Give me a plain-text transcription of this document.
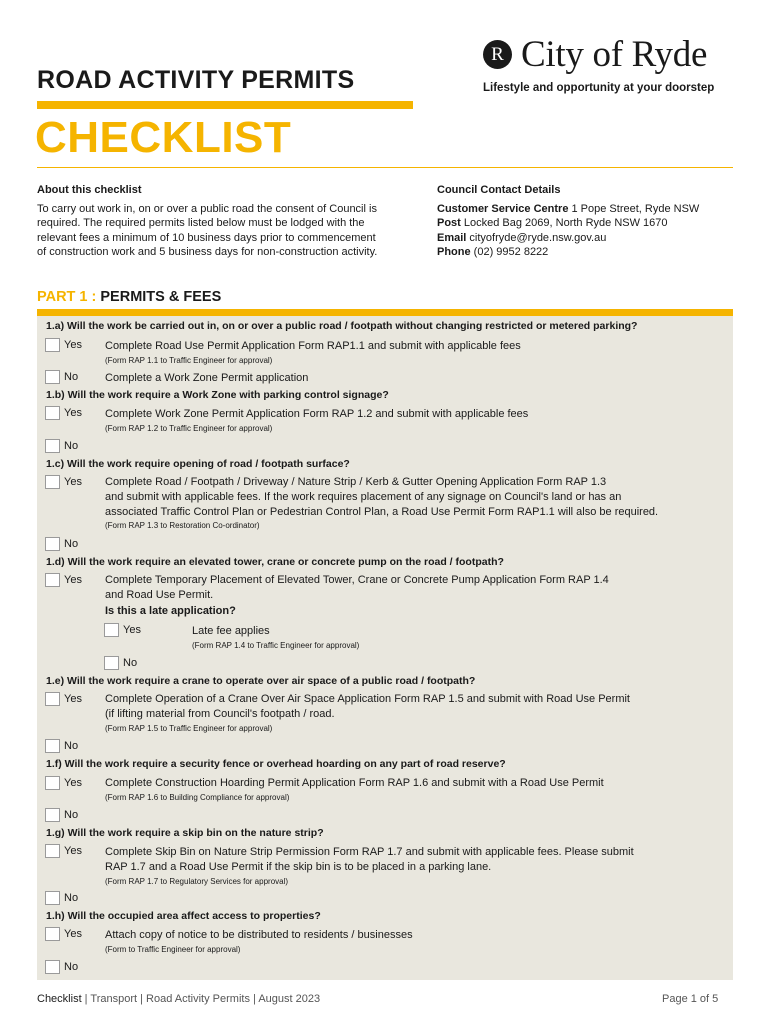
ROAD ACTIVITY PERMITS
R City of Ryde
Lifestyle and opportunity at your doorstep
CHECKLIST
About this checklist

To carry out work in, on or over a public road the consent of Council is required. The required permits listed below must be lodged with the relevant fees a minimum of 10 business days prior to commencement of construction work and 5 business days for non-construction activity.

Council Contact Details
Customer Service Centre 1 Pope Street, Ryde NSW
Post Locked Bag 2069, North Ryde NSW 1670
Email cityofryde@ryde.nsw.gov.au
Phone (02) 9952 8222
PART 1 : PERMITS & FEES
1.a) Will the work be carried out in, on or over a public road / footpath without changing restricted or metered parking?
Yes Complete Road Use Permit Application Form RAP1.1 and submit with applicable fees
(Form RAP 1.1 to Traffic Engineer for approval)
No Complete a Work Zone Permit application
1.b) Will the work require a Work Zone with parking control signage?
Yes Complete Work Zone Permit Application Form RAP 1.2 and submit with applicable fees
(Form RAP 1.2 to Traffic Engineer for approval)
No
1.c) Will the work require opening of road / footpath surface?
Yes Complete Road / Footpath / Driveway / Nature Strip / Kerb & Gutter Opening Application Form RAP 1.3
and submit with applicable fees. If the work requires placement of any signage on Council's land or has an
associated Traffic Control Plan or Pedestrian Control Plan, a Road Use Permit Form RAP1.1 will also be required.
(Form RAP 1.3 to Restoration Co-ordinator)
No
1.d) Will the work require an elevated tower, crane or concrete pump on the road / footpath?
Yes Complete Temporary Placement of Elevated Tower, Crane or Concrete Pump Application Form RAP 1.4
and Road Use Permit.
Is this a late application?
Yes	Late fee applies
(Form RAP 1.4 to Traffic Engineer for approval)
No
1.e) Will the work require a crane to operate over air space of a public road / footpath?
Yes Complete Operation of a Crane Over Air Space Application Form RAP 1.5 and submit with Road Use Permit
(if lifting material from Council's footpath / road.
(Form RAP 1.5 to Traffic Engineer for approval)
No
1.f) Will the work require a security fence or overhead hoarding on any part of road reserve?
Yes Complete Construction Hoarding Permit Application Form RAP 1.6 and submit with a Road Use Permit
(Form RAP 1.6 to Building Compliance for approval)
No
1.g) Will the work require a skip bin on the nature strip?
Yes Complete Skip Bin on Nature Strip Permission Form RAP 1.7 and submit with applicable fees. Please submit
RAP 1.7 and a Road Use Permit if the skip bin is to be placed in a parking lane.
(Form RAP 1.7 to Regulatory Services for approval)
No
1.h) Will the occupied area affect access to properties?
Yes Attach copy of notice to be distributed to residents / businesses
(Form to Traffic Engineer for approval)
No
Checklist | Transport | Road Activity Permits | August 2023	Page 1 of 5
